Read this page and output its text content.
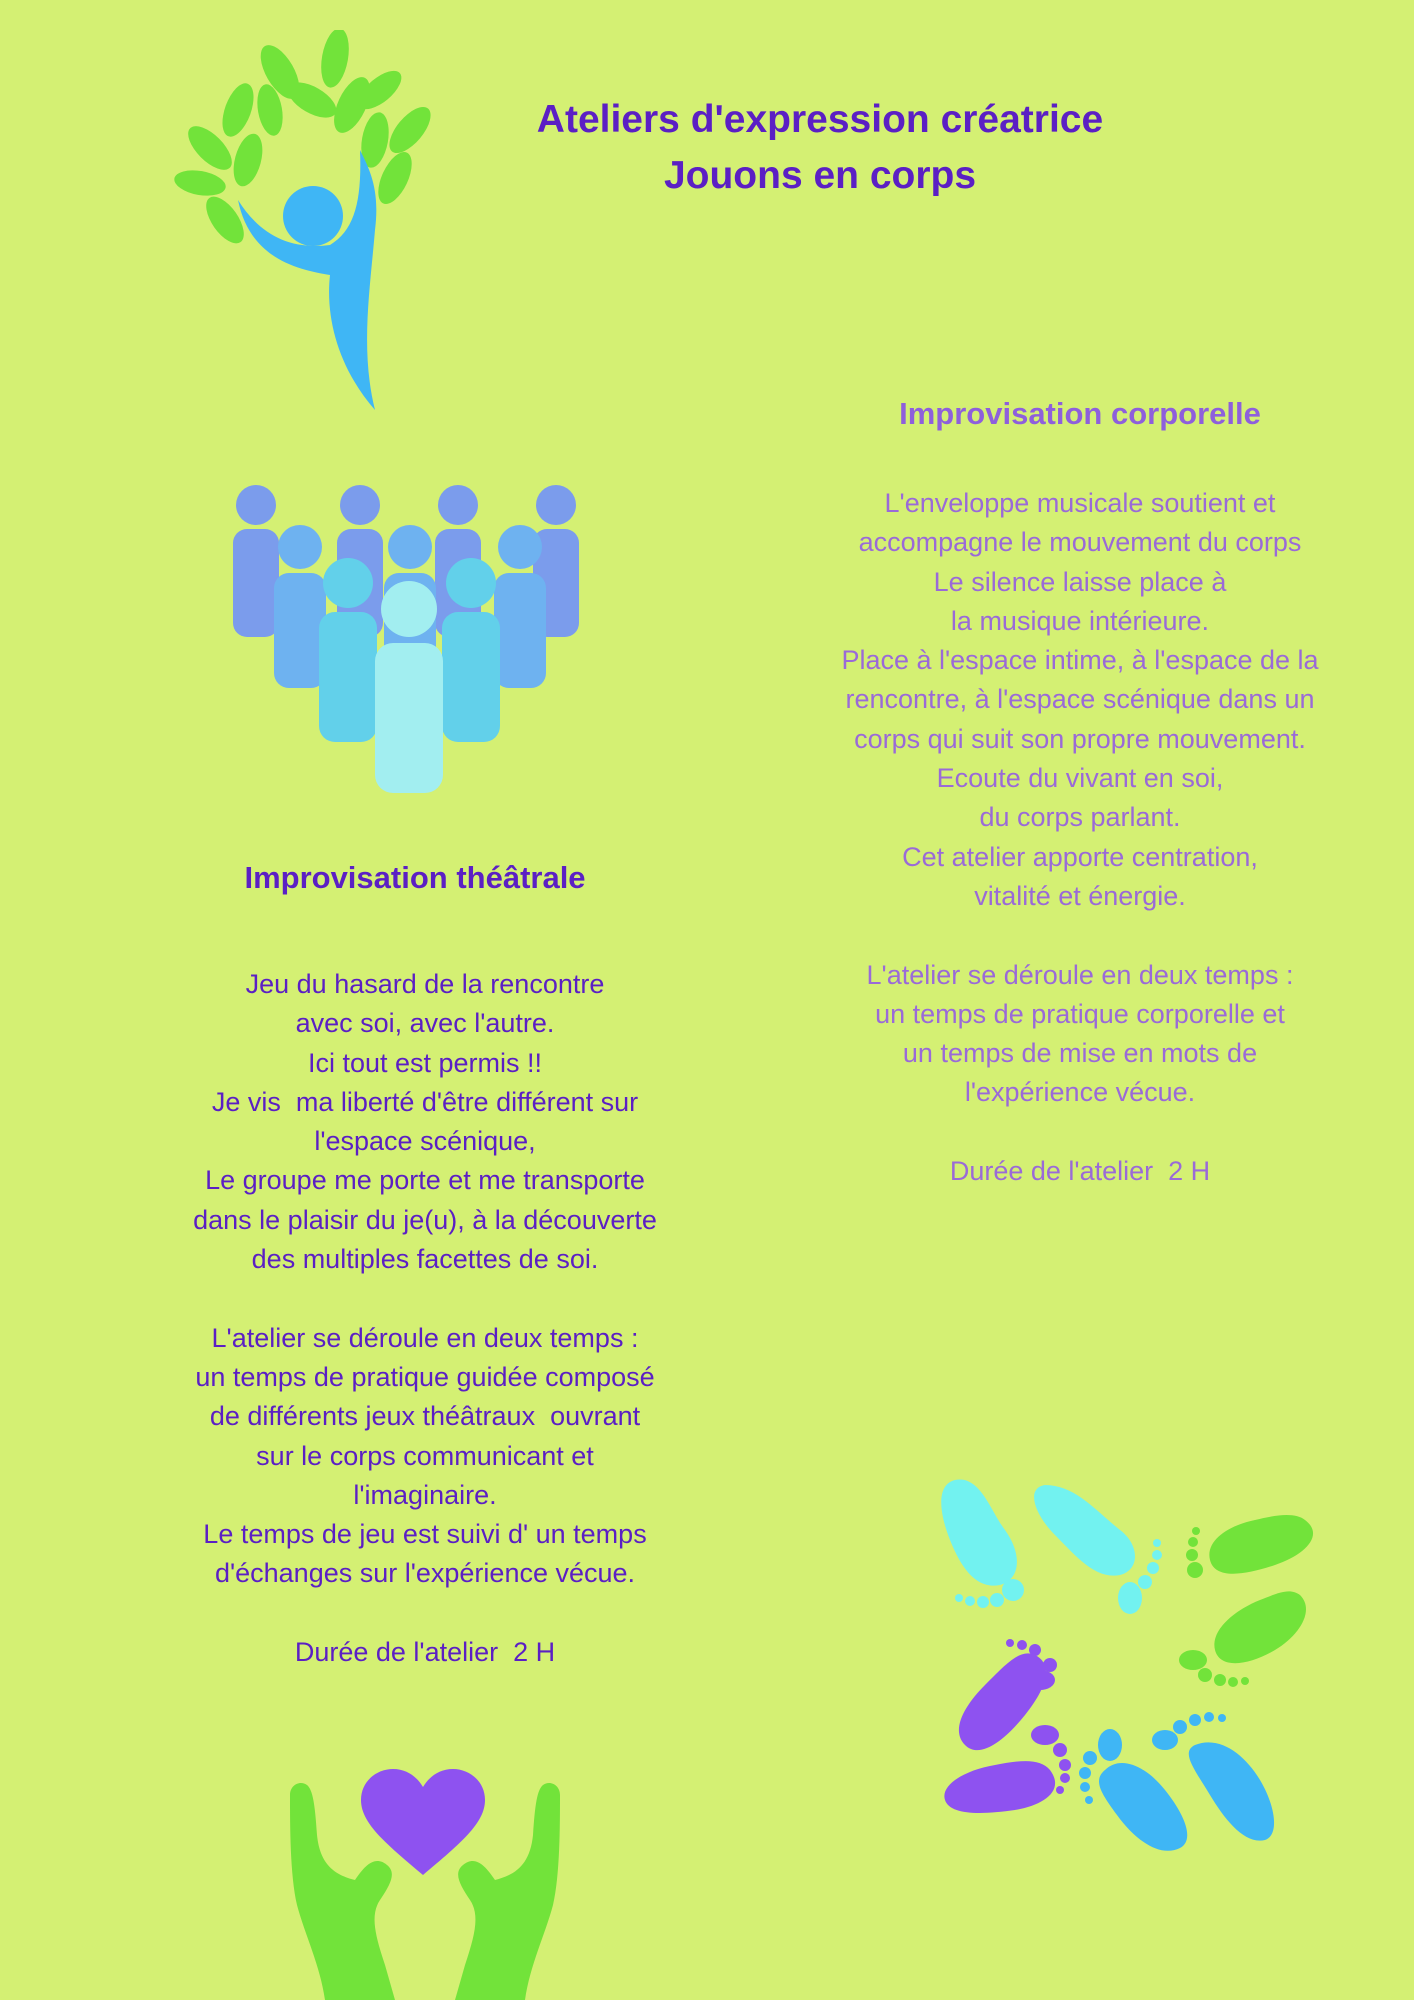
Ateliers d'expression créatrice
Jouons en corps
Improvisation corporelle
L'enveloppe musicale soutient et
accompagne le mouvement du corps
Le silence laisse place à
la musique intérieure.
Place à l'espace intime, à l'espace de la
rencontre, à l'espace scénique dans un
corps qui suit son propre mouvement.
Ecoute du vivant en soi,
du corps parlant.
Cet atelier apporte centration,
vitalité et énergie.
L'atelier se déroule en deux temps :
un temps de pratique corporelle et
un temps de mise en mots de
l'expérience vécue.
Durée de l'atelier  2 H
Improvisation théâtrale
Jeu du hasard de la rencontre
avec soi, avec l'autre.
Ici tout est permis !!
Je vis  ma liberté d'être différent sur
l'espace scénique,
Le groupe me porte et me transporte
dans le plaisir du je(u), à la découverte
des multiples facettes de soi.
L'atelier se déroule en deux temps :
un temps de pratique guidée composé
de différents jeux théâtraux  ouvrant
sur le corps communicant et
l'imaginaire.
Le temps de jeu est suivi d' un temps
d'échanges sur l'expérience vécue.
Durée de l'atelier  2 H
